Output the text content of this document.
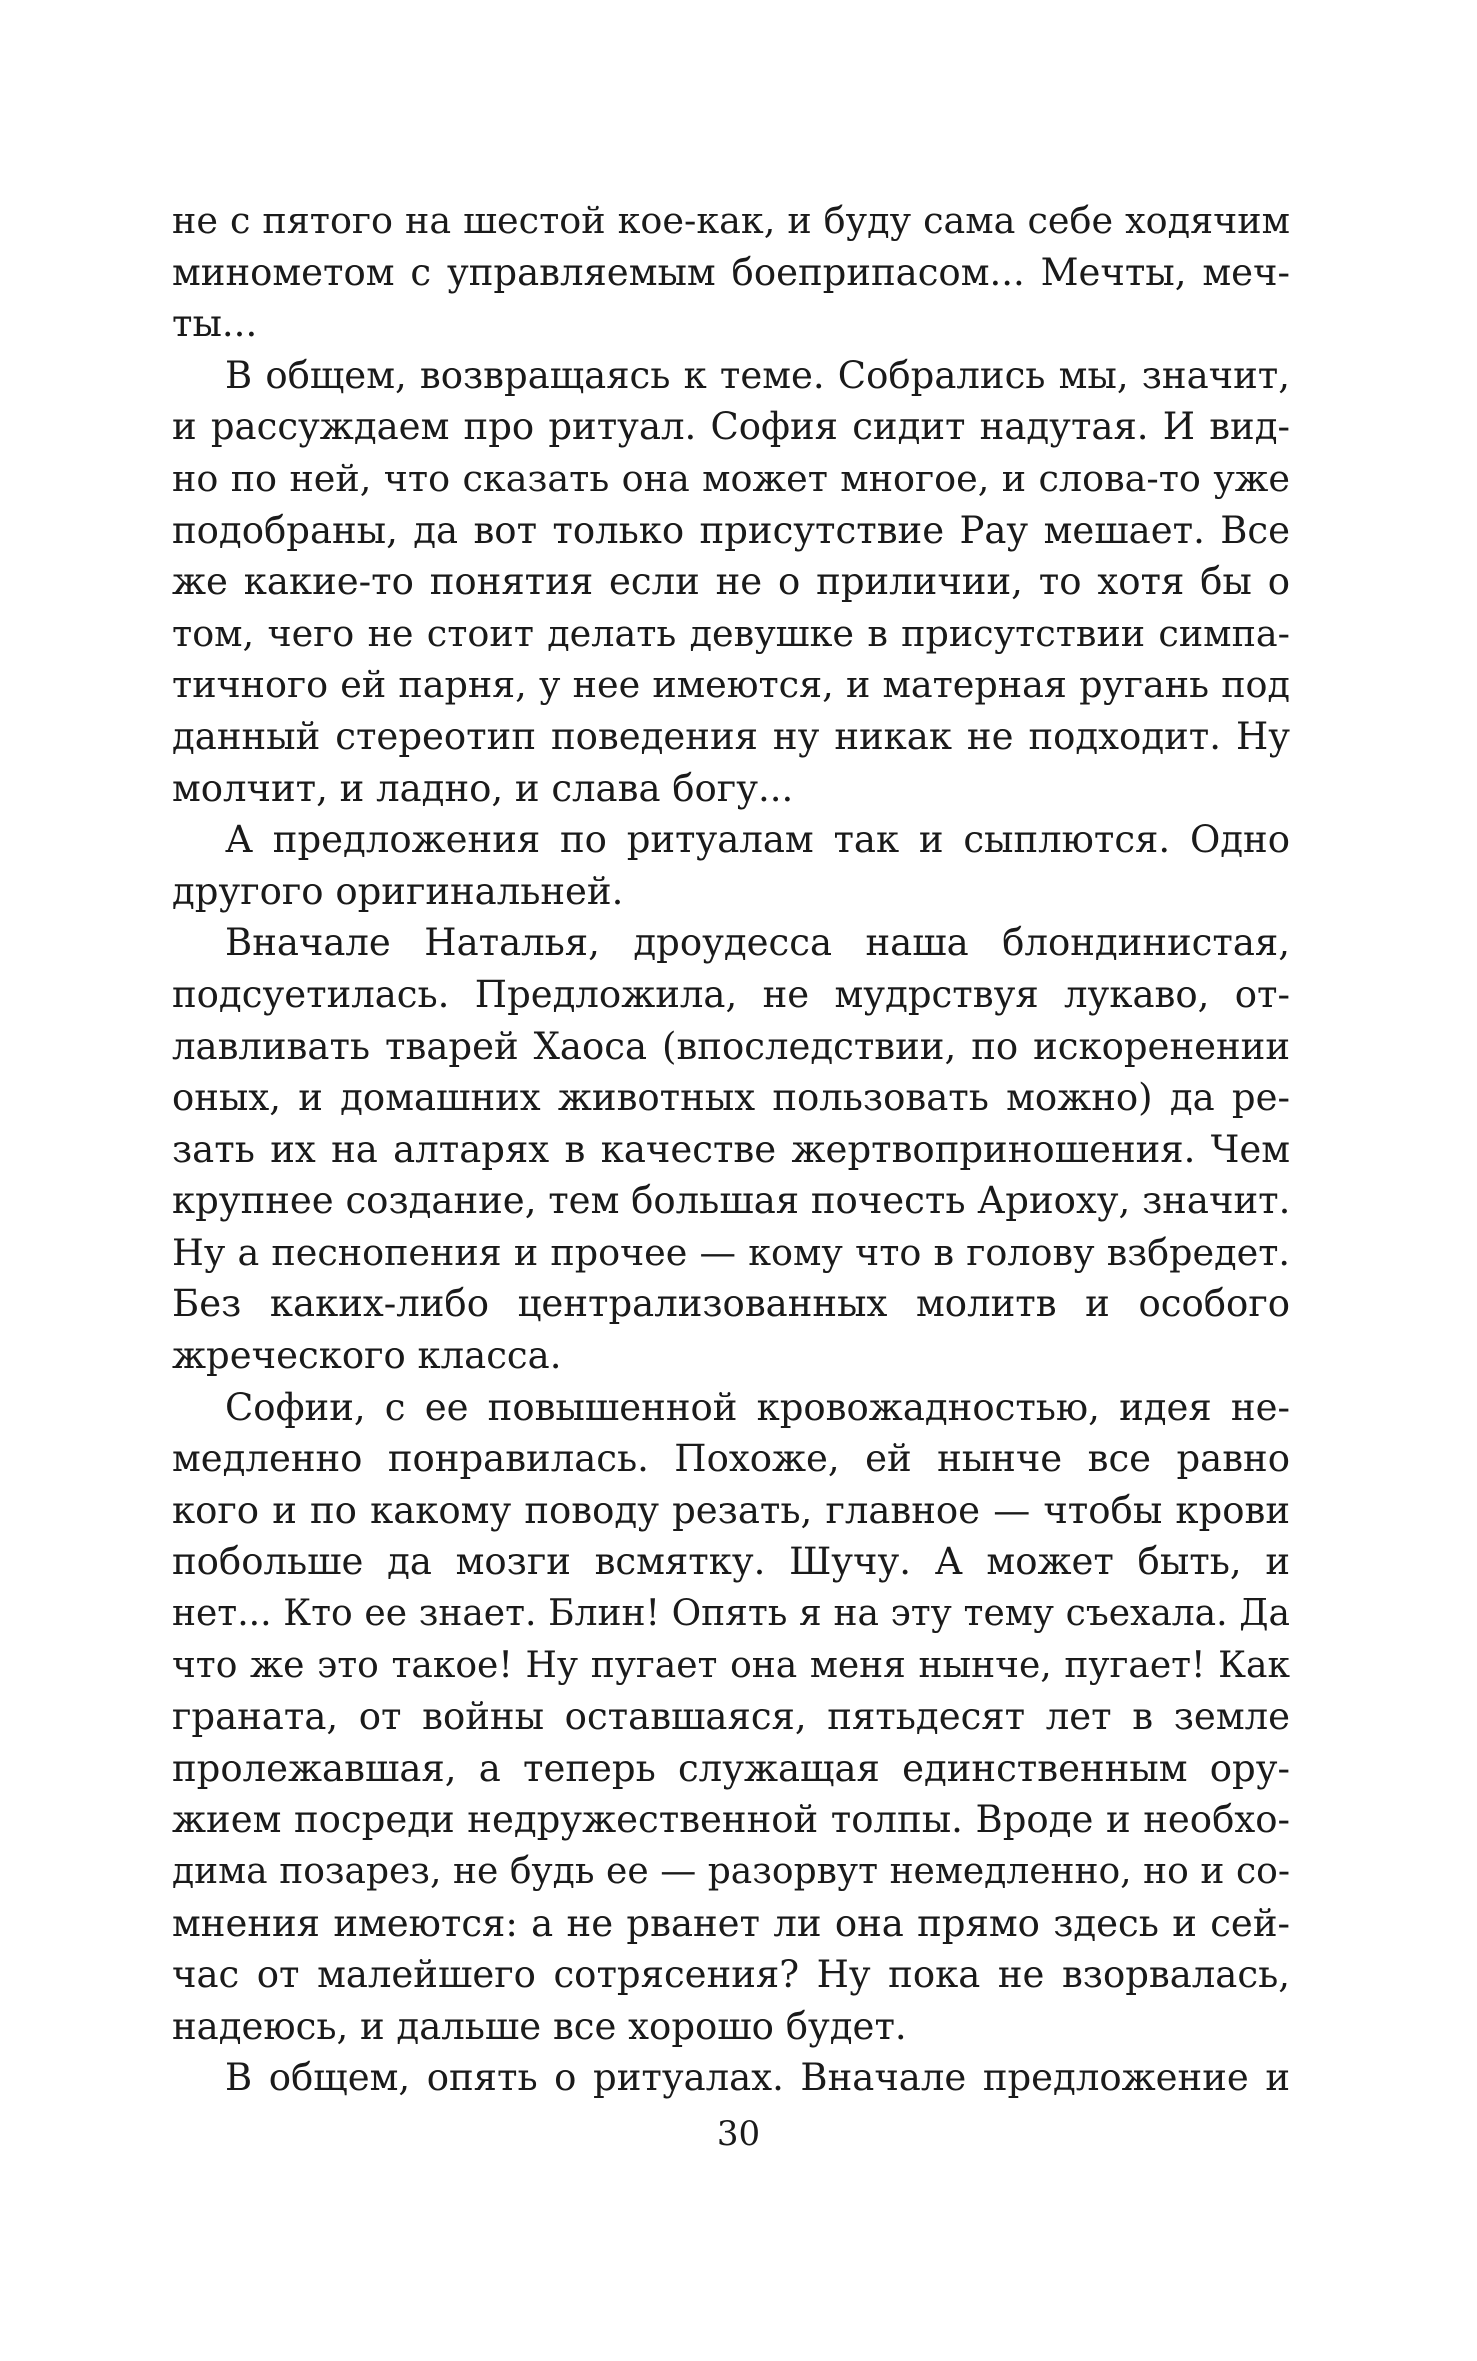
не с пятого на шестой кое-как, и буду сама себе ходячим
минометом с управляемым боеприпасом... Мечты, меч-
ты...
В общем, возвращаясь к теме. Собрались мы, значит,
и рассуждаем про ритуал. София сидит надутая. И вид-
но по ней, что сказать она может многое, и слова-то уже
подобраны, да вот только присутствие Рау мешает. Все
же какие-то понятия если не о приличии, то хотя бы о
том, чего не стоит делать девушке в присутствии симпа-
тичного ей парня, у нее имеются, и матерная ругань под
данный стереотип поведения ну никак не подходит. Ну
молчит, и ладно, и слава богу...
А предложения по ритуалам так и сыплются. Одно
другого оригинальней.
Вначале Наталья, дроудесса наша блондинистая,
подсуетилась. Предложила, не мудрствуя лукаво, от-
лавливать тварей Хаоса (впоследствии, по искоренении
оных, и домашних животных пользовать можно) да ре-
зать их на алтарях в качестве жертвоприношения. Чем
крупнее создание, тем большая почесть Ариоху, значит.
Ну а песнопения и прочее — кому что в голову взбредет.
Без каких-либо централизованных молитв и особого
жреческого класса.
Софии, с ее повышенной кровожадностью, идея не-
медленно понравилась. Похоже, ей нынче все равно
кого и по какому поводу резать, главное — чтобы крови
побольше да мозги всмятку. Шучу. А может быть, и
нет... Кто ее знает. Блин! Опять я на эту тему съехала. Да
что же это такое! Ну пугает она меня нынче, пугает! Как
граната, от войны оставшаяся, пятьдесят лет в земле
пролежавшая, а теперь служащая единственным ору-
жием посреди недружественной толпы. Вроде и необхо-
дима позарез, не будь ее — разорвут немедленно, но и со-
мнения имеются: а не рванет ли она прямо здесь и сей-
час от малейшего сотрясения? Ну пока не взорвалась,
надеюсь, и дальше все хорошо будет.
В общем, опять о ритуалах. Вначале предложение и
30
